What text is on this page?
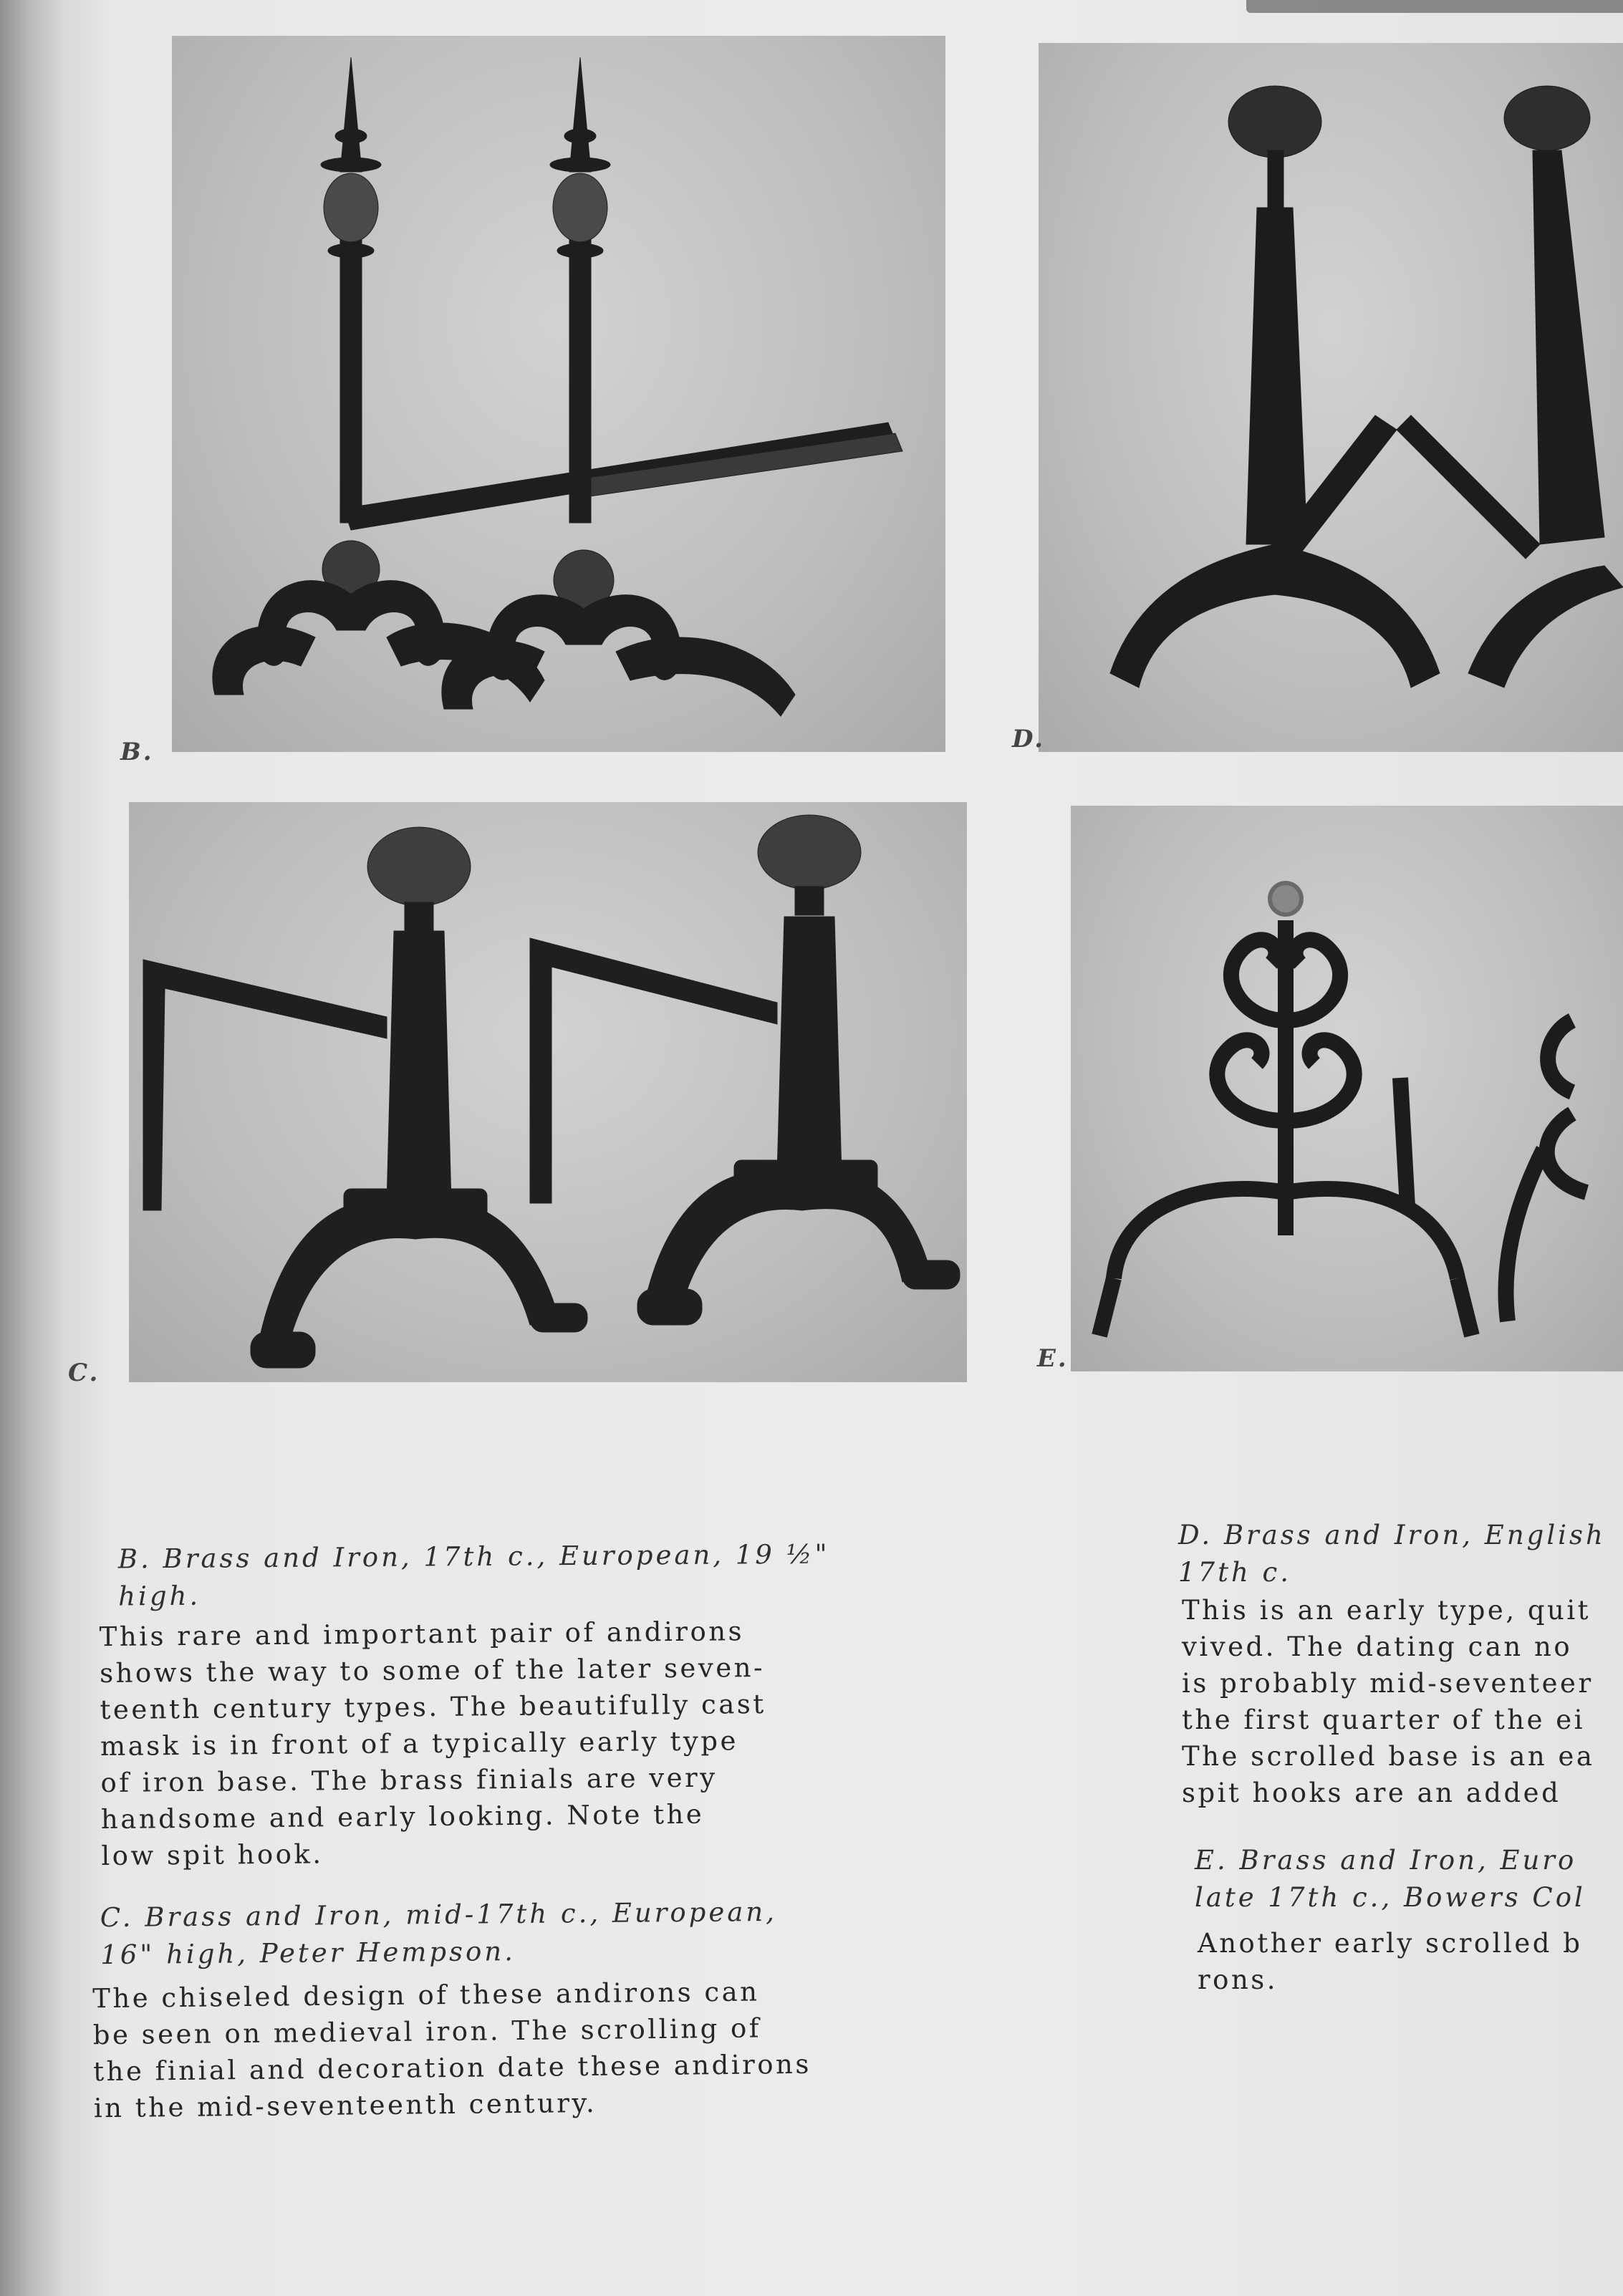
B.	D.
C.	E.
B. Brass and Iron, 17th c., European, 19 ½"
high.
This rare and important pair of andirons
shows the way to some of the later seven-
teenth century types. The beautifully cast
mask is in front of a typically early type
of iron base. The brass finials are very
handsome and early looking. Note the
low spit hook.
C. Brass and Iron, mid-17th c., European,
16" high, Peter Hempson.
The chiseled design of these andirons can
be seen on medieval iron. The scrolling of
the finial and decoration date these andirons
in the mid-seventeenth century.
D. Brass and Iron, English
17th c.
This is an early type, quit
vived. The dating can no
is probably mid-seventeer
the first quarter of the ei
The scrolled base is an ea
spit hooks are an added
E. Brass and Iron, Euro
late 17th c., Bowers Col
Another early scrolled b
rons.
